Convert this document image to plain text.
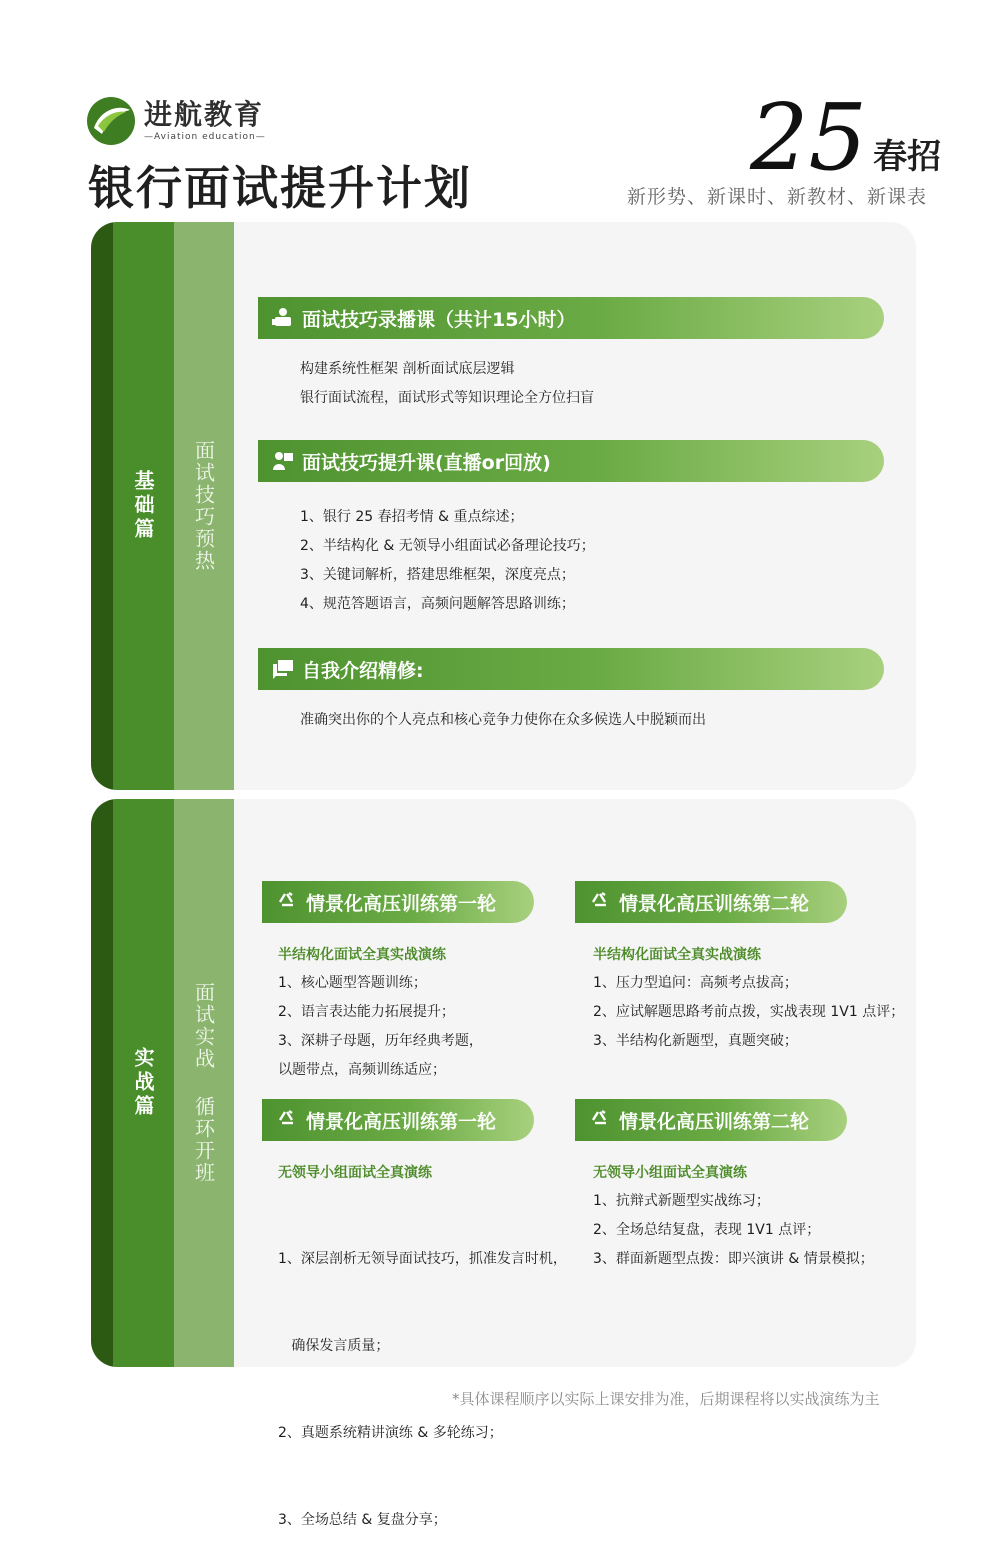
进航教育
—Aviation education—
银行面试提升计划	25 春招
新形势、新课时、新教材、新课表
基础篇 面试技巧预热
面试技巧录播课（共计15小时）
构建系统性框架 剖析面试底层逻辑
银行面试流程，面试形式等知识理论全方位扫盲
面试技巧提升课(直播or回放)
1、银行 25 春招考情 & 重点综述；
2、半结构化 & 无领导小组面试必备理论技巧；
3、关键词解析，搭建思维框架，深度亮点；
4、规范答题语言，高频问题解答思路训练；
自我介绍精修:
准确突出你的个人亮点和核心竞争力使你在众多候选人中脱颖而出
实战篇 面试实战 循环开班
情景化高压训练第一轮
半结构化面试全真实战演练
1、核心题型答题训练；
2、语言表达能力拓展提升；
3、深耕子母题，历年经典考题，
以题带点，高频训练适应；
情景化高压训练第二轮
半结构化面试全真实战演练
1、压力型追问：高频考点拔高；
2、应试解题思路考前点拨，实战表现 1V1 点评；
3、半结构化新题型，真题突破；
情景化高压训练第一轮
无领导小组面试全真演练

1、深层剖析无领导面试技巧，抓准发言时机，

确保发言质量；

2、真题系统精讲演练 & 多轮练习；

3、全场总结 & 复盘分享；

情景化高压训练第二轮
无领导小组面试全真演练
1、抗辩式新题型实战练习；
2、全场总结复盘，表现 1V1 点评；
3、群面新题型点拨：即兴演讲 & 情景模拟；
*具体课程顺序以实际上课安排为准，后期课程将以实战演练为主
